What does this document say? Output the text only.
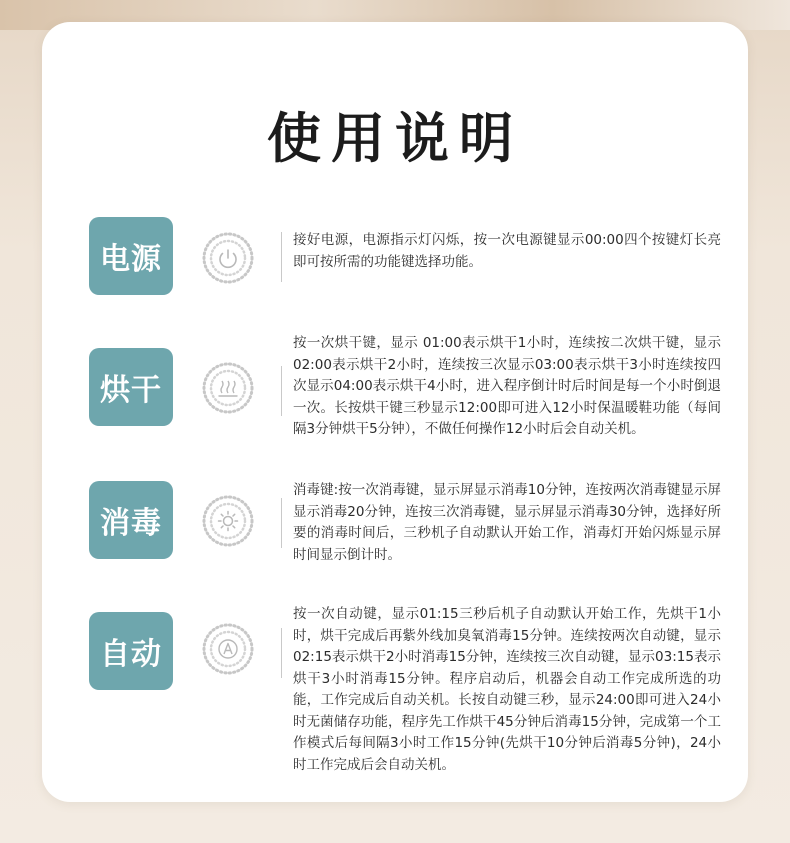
使用说明
电源
接好电源，电源指示灯闪烁，按一次电源键显示00:00四个按键灯长亮即可按所需的功能键选择功能。
烘干
按一次烘干键，显示 01:00表示烘干1小时，连续按二次烘干键，显示02:00表示烘干2小时，连续按三次显示03:00表示烘干3小时连续按四次显示04:00表示烘干4小时，进入程序倒计时后时间是每一个小时倒退一次。长按烘干键三秒显示12:00即可进入12小时保温暖鞋功能（每间隔3分钟烘干5分钟），不做任何操作12小时后会自动关机。
消毒
消毒键:按一次消毒键，显示屏显示消毒10分钟，连按两次消毒键显示屏显示消毒20分钟，连按三次消毒键，显示屏显示消毒30分钟，选择好所要的消毒时间后，三秒机子自动默认开始工作，消毒灯开始闪烁显示屏时间显示倒计时。
自动
按一次自动键，显示01:15三秒后机子自动默认开始工作，先烘干1小时，烘干完成后再紫外线加臭氧消毒15分钟。连续按两次自动键，显示02:15表示烘干2小时消毒15分钟，连续按三次自动键，显示03:15表示烘干3小时消毒15分钟。程序启动后，机器会自动工作完成所选的功能，工作完成后自动关机。长按自动键三秒，显示24:00即可进入24小时无菌储存功能，程序先工作烘干45分钟后消毒15分钟，完成第一个工作模式后每间隔3小时工作15分钟(先烘干10分钟后消毒5分钟)，24小时工作完成后会自动关机。
